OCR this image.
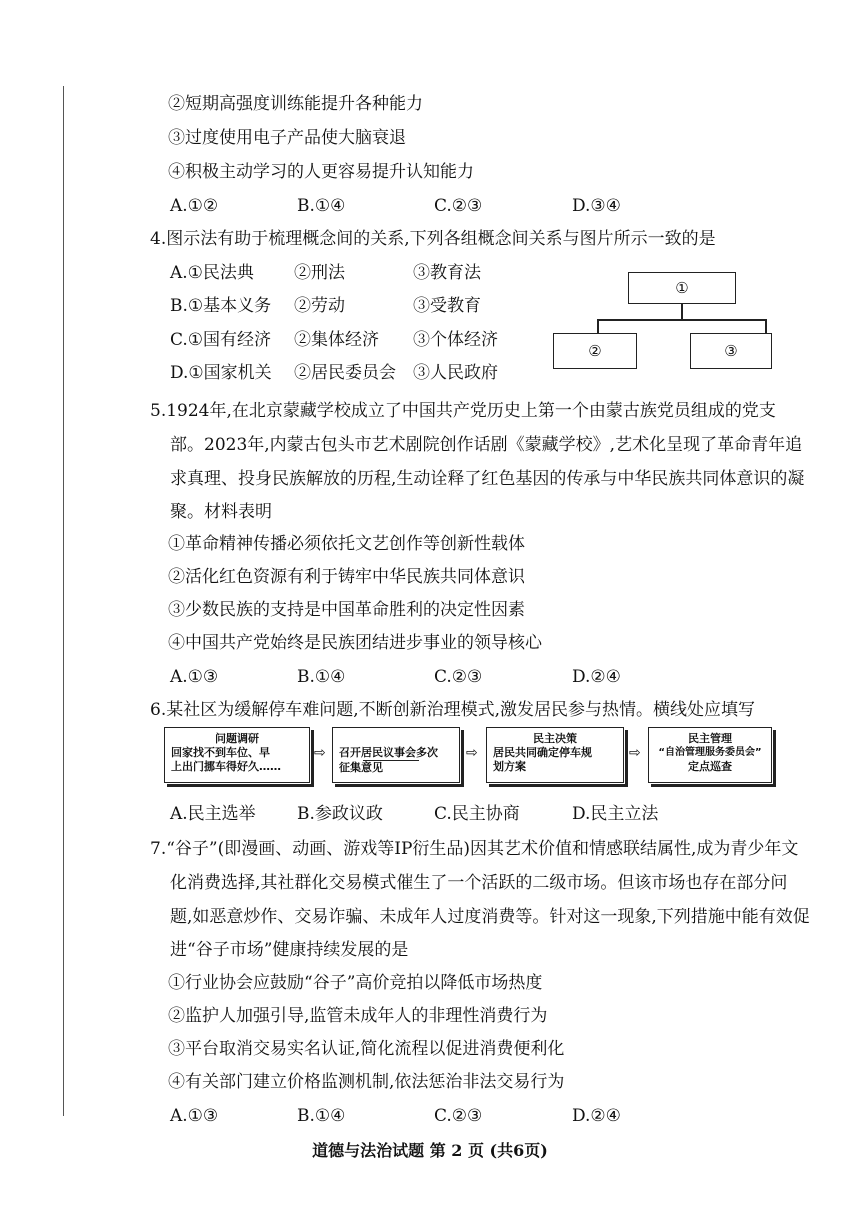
②短期高强度训练能提升各种能力
③过度使用电子产品使大脑衰退
④积极主动学习的人更容易提升认知能力
A.①②	B.①④	C.②③	D.③④
4.图示法有助于梳理概念间的关系,下列各组概念间关系与图片所示一致的是
A.①民法典 ②刑法	③教育法
B.①基本义务 ②劳动	③受教育
C.①国有经济 ②集体经济 ③个体经济
D.①国家机关 ②居民委员会 ③人民政府
①
②	③
5.1924年,在北京蒙藏学校成立了中国共产党历史上第一个由蒙古族党员组成的党支
部。2023年,内蒙古包头市艺术剧院创作话剧《蒙藏学校》,艺术化呈现了革命青年追
求真理、投身民族解放的历程,生动诠释了红色基因的传承与中华民族共同体意识的凝
聚。材料表明
①革命精神传播必须依托文艺创作等创新性载体
②活化红色资源有利于铸牢中华民族共同体意识
③少数民族的支持是中国革命胜利的决定性因素
④中国共产党始终是民族团结进步事业的领导核心
A.①③	B.①④	C.②③	D.②④
6.某社区为缓解停车难问题,不断创新治理模式,激发居民参与热情。横线处应填写
问题调研
回家找不到车位、早
上出门挪车得好久……
⇨ 召开居民议事会多次
征集意见
⇨
民主决策
居民共同确定停车规
划方案
⇨
民主管理
“自治管理服务委员会”
定点巡查
A.民主选举 B.参政议政	C.民主协商	D.民主立法
7.“谷子”(即漫画、动画、游戏等IP衍生品)因其艺术价值和情感联结属性,成为青少年文
化消费选择,其社群化交易模式催生了一个活跃的二级市场。但该市场也存在部分问
题,如恶意炒作、交易诈骗、未成年人过度消费等。针对这一现象,下列措施中能有效促
进“谷子市场”健康持续发展的是
①行业协会应鼓励“谷子”高价竞拍以降低市场热度
②监护人加强引导,监管未成年人的非理性消费行为
③平台取消交易实名认证,简化流程以促进消费便利化
④有关部门建立价格监测机制,依法惩治非法交易行为
A.①③	B.①④	C.②③	D.②④
道德与法治试题 第 2 页 (共6页)
